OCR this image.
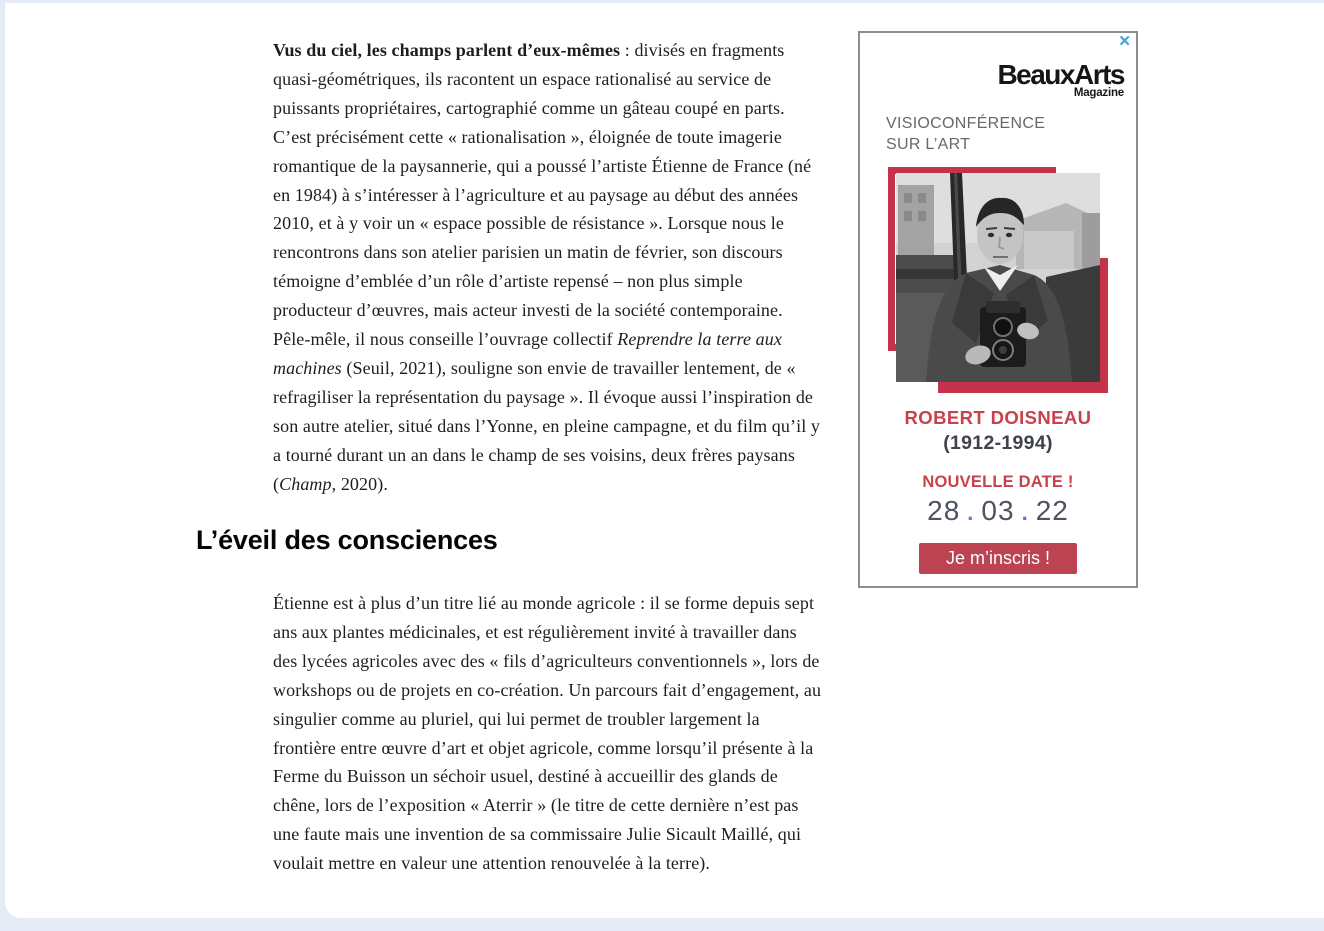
Vus du ciel, les champs parlent d’eux-mêmes : divisés en fragments quasi-géométriques, ils racontent un espace rationalisé au service de puissants propriétaires, cartographié comme un gâteau coupé en parts. C’est précisément cette « rationalisation », éloignée de toute imagerie romantique de la paysannerie, qui a poussé l’artiste Étienne de France (né en 1984) à s’intéresser à l’agriculture et au paysage au début des années 2010, et à y voir un « espace possible de résistance ». Lorsque nous le rencontrons dans son atelier parisien un matin de février, son discours témoigne d’emblée d’un rôle d’artiste repensé – non plus simple producteur d’œuvres, mais acteur investi de la société contemporaine. Pêle-mêle, il nous conseille l’ouvrage collectif Reprendre la terre aux machines (Seuil, 2021), souligne son envie de travailler lentement, de « refragiliser la représentation du paysage ». Il évoque aussi l’inspiration de son autre atelier, situé dans l’Yonne, en pleine campagne, et du film qu’il y a tourné durant un an dans le champ de ses voisins, deux frères paysans (Champ, 2020).

L’éveil des consciences

Étienne est à plus d’un titre lié au monde agricole : il se forme depuis sept ans aux plantes médicinales, et est régulièrement invité à travailler dans des lycées agricoles avec des « fils d’agriculteurs conventionnels », lors de workshops ou de projets en co-création. Un parcours fait d’engagement, au singulier comme au pluriel, qui lui permet de troubler largement la frontière entre œuvre d’art et objet agricole, comme lorsqu’il présente à la Ferme du Buisson un séchoir usuel, destiné à accueillir des glands de chêne, lors de l’exposition « Aterrir » (le titre de cette dernière n’est pas une faute mais une invention de sa commissaire Julie Sicault Maillé, qui voulait mettre en valeur une attention renouvelée à la terre).

✕
BeauxArts
Magazine
VISIOCONFÉRENCE
SUR L’ART
ROBERT DOISNEAU
(1912-1994)
NOUVELLE DATE !
28 . 03 . 22
Je m’inscris !
